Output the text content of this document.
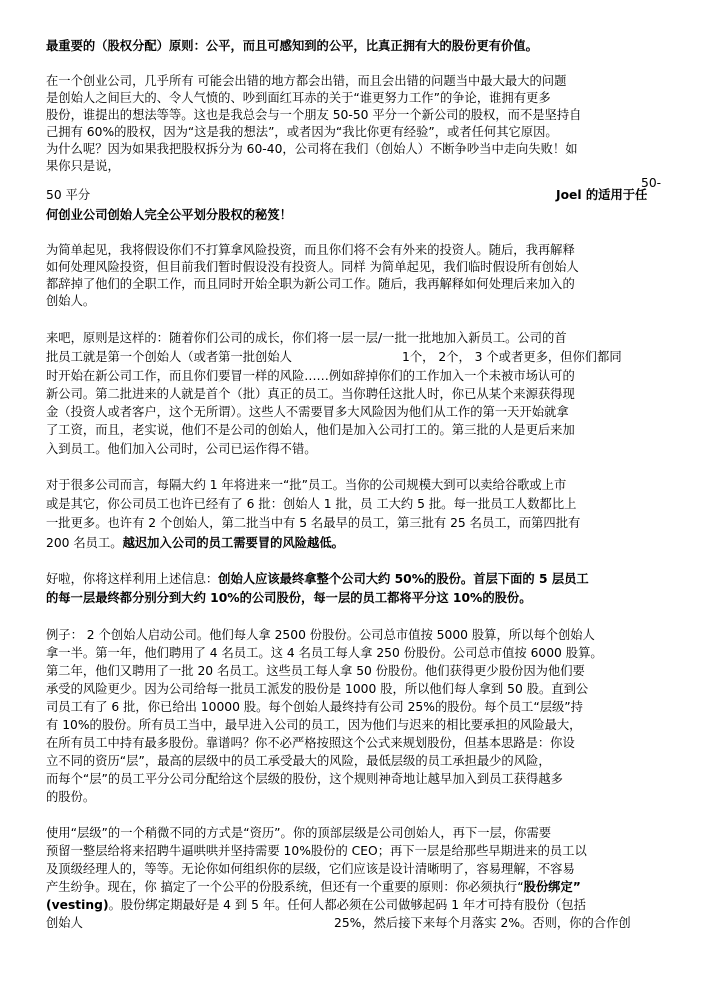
最重要的（股权分配）原则：公平，而且可感知到的公平，比真正拥有大的股份更有价值。

在一个创业公司，几乎所有 可能会出错的地方都会出错，而且会出错的问题当中最大最大的问题

是创始人之间巨大的、令人气愤的、吵到面红耳赤的关于“谁更努力工作”的争论，谁拥有更多

股份，谁提出的想法等等。这也是我总会与一个朋友 50-50 平分一个新公司的股权，而不是坚持自

己拥有 60%的股权，因为“这是我的想法”，或者因为“我比你更有经验”，或者任何其它原因。

为什么呢？因为如果我把股权拆分为 60-40，公司将在我们（创始人）不断争吵当中走向失败！如

果你只是说，

50-

50 平分	Joel 的适用于任

何创业公司创始人完全公平划分股权的秘笈！

为简单起见，我将假设你们不打算拿风险投资，而且你们将不会有外来的投资人。随后，我再解释

如何处理风险投资，但目前我们暂时假设没有投资人。同样 为简单起见，我们临时假设所有创始人

都辞掉了他们的全职工作，而且同时开始全职为新公司工作。随后，我再解释如何处理后来加入的

创始人。

来吧，原则是这样的：随着你们公司的成长，你们将一层一层/一批一批地加入新员工。公司的首

批员工就是第一个创始人（或者第一批创始人	1个， 2个， 3 个或者更多，但你们都同

时开始在新公司工作，而且你们要冒一样的风险……例如辞掉你们的工作加入一个未被市场认可的

新公司。第二批进来的人就是首个（批）真正的员工。当你聘任这批人时，你已从某个来源获得现

金（投资人或者客户，这个无所谓）。这些人不需要冒多大风险因为他们从工作的第一天开始就拿

了工资，而且，老实说，他们不是公司的创始人，他们是加入公司打工的。第三批的人是更后来加

入到员工。他们加入公司时，公司已运作得不错。

对于很多公司而言，每隔大约 1 年将进来一“批”员工。当你的公司规模大到可以卖给谷歌或上市

或是其它，你公司员工也许已经有了 6 批：创始人 1 批，员 工大约 5 批。每一批员工人数都比上

一批更多。也许有 2 个创始人，第二批当中有 5 名最早的员工，第三批有 25 名员工，而第四批有

200 名员工。越迟加入公司的员工需要冒的风险越低。

好啦，你将这样利用上述信息：创始人应该最终拿整个公司大约 50%的股份。首层下面的 5 层员工

的每一层最终都分别分到大约 10%的公司股份，每一层的员工都将平分这 10%的股份。

例子： 2 个创始人启动公司。他们每人拿 2500 份股份。公司总市值按 5000 股算，所以每个创始人

拿一半。第一年，他们聘用了 4 名员工。这 4 名员工每人拿 250 份股份。公司总市值按 6000 股算。

第二年，他们又聘用了一批 20 名员工。这些员工每人拿 50 份股份。他们获得更少股份因为他们要

承受的风险更少。因为公司给每一批员工派发的股份是 1000 股，所以他们每人拿到 50 股。直到公

司员工有了 6 批，你已给出 10000 股。每个创始人最终持有公司 25%的股份。每个员工“层级”持

有 10%的股份。所有员工当中，最早进入公司的员工，因为他们与迟来的相比要承担的风险最大，

在所有员工中持有最多股份。靠谱吗？你不必严格按照这个公式来规划股份，但基本思路是：你设

立不同的资历“层”，最高的层级中的员工承受最大的风险，最低层级的员工承担最少的风险，

而每个“层”的员工平分公司分配给这个层级的股份，这个规则神奇地让越早加入到员工获得越多

的股份。

使用“层级”的一个稍微不同的方式是“资历”。你的顶部层级是公司创始人，再下一层，你需要

预留一整层给将来招聘牛逼哄哄并坚持需要 10%股份的 CEO；再下一层是给那些早期进来的员工以

及顶级经理人的，等等。无论你如何组织你的层级，它们应该是设计清晰明了，容易理解，不容易

产生纷争。现在，你 搞定了一个公平的份股系统，但还有一个重要的原则：你必须执行“股份绑定”

(vesting)。股份绑定期最好是 4 到 5 年。任何人都必须在公司做够起码 1 年才可持有股份（包括

创始人	25%，然后接下来每个月落实 2%。否则，你的合作创
